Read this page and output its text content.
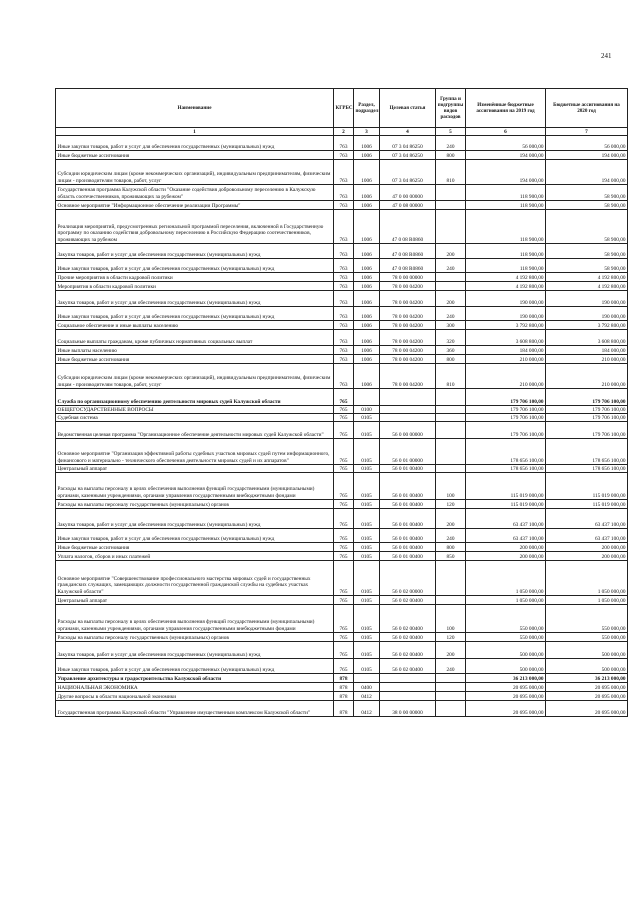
241
Наименование	КГРБС	Раздел, подраздел	Целевая статья	Группа и подгруппы видов расходов	Изменённые бюджетные ассигнования на 2019 год	Бюджетные ассигнования на 2020 год
1	2	3	4	5	6	7
Иные закупки товаров, работ и услуг для обеспечения государственных (муниципальных) нужд	763	1006	07 3 04 86250	240	56 000,00	56 000,00
Иные бюджетные ассигнования	763	1006	07 3 04 86250	800	194 000,00	194 000,00
Субсидии юридическим лицам (кроме некоммерческих организаций), индивидуальным предпринимателям, физическим лицам - производителям товаров, работ, услуг	763	1006	07 3 04 86250	810	194 000,00	194 000,00
Государственная программа Калужской области "Оказание содействия добровольному переселению в Калужскую область соотечественников, проживающих за рубежом"	763	1006	47 0 00 00000		118 900,00	58 900,00
Основное мероприятие "Информационное обеспечение реализации Программы"	763	1006	47 0 08 00000		118 900,00	58 900,00
Реализация мероприятий, предусмотренных региональной программой переселения, включенной в Государственную программу по оказанию содействия добровольному переселению в Российскую Федерацию соотечественников, проживающих за рубежом	763	1006	47 0 08 R0860		118 900,00	58 900,00
Закупка товаров, работ и услуг для обеспечения государственных (муниципальных) нужд	763	1006	47 0 08 R0860	200	118 900,00	58 900,00
Иные закупки товаров, работ и услуг для обеспечения государственных (муниципальных) нужд	763	1006	47 0 08 R0860	240	118 900,00	58 900,00
Прочие мероприятия в области кадровой политики	763	1006	78 0 00 00000		4 192 800,00	4 192 800,00
Мероприятия в области кадровой политики	763	1006	78 0 00 04200		4 192 800,00	4 192 800,00
Закупка товаров, работ и услуг для обеспечения государственных (муниципальных) нужд	763	1006	78 0 00 04200	200	190 000,00	190 000,00
Иные закупки товаров, работ и услуг для обеспечения государственных (муниципальных) нужд	763	1006	78 0 00 04200	240	190 000,00	190 000,00
Социальное обеспечение и иные выплаты населению	763	1006	78 0 00 04200	300	3 792 800,00	3 792 800,00
Социальные выплаты гражданам, кроме публичных нормативных социальных выплат	763	1006	78 0 00 04200	320	3 608 800,00	3 608 800,00
Иные выплаты населению	763	1006	78 0 00 04200	360	184 000,00	184 000,00
Иные бюджетные ассигнования	763	1006	78 0 00 04200	800	210 000,00	210 000,00
Субсидии юридическим лицам (кроме некоммерческих организаций), индивидуальным предпринимателям, физическим лицам - производителям товаров, работ, услуг	763	1006	78 0 00 04200	810	210 000,00	210 000,00
Служба по организационному обеспечению деятельности мировых судей Калужской области	765				179 706 100,00	179 706 100,00
ОБЩЕГОСУДАРСТВЕННЫЕ ВОПРОСЫ	765	0100			179 706 100,00	179 706 100,00
Судебная система	765	0105			179 706 100,00	179 706 100,00
Ведомственная целевая программа "Организационное обеспечение деятельности мировых судей Калужской области"	765	0105	56 0 00 00000		179 706 100,00	179 706 100,00
Основное мероприятие "Организация эффективной работы судебных участков мировых судей путем информационного, финансового и материально - технического обеспечения деятельности мировых судей и их аппаратов"	765	0105	56 0 01 00000		178 656 100,00	178 656 100,00
Центральный аппарат	765	0105	56 0 01 00400		178 656 100,00	178 656 100,00
Расходы на выплаты персоналу в целях обеспечения выполнения функций государственными (муниципальными) органами, казенными учреждениями, органами управления государственными внебюджетными фондами	765	0105	56 0 01 00400	100	115 019 000,00	115 019 000,00
Расходы на выплаты персоналу государственных (муниципальных) органов	765	0105	56 0 01 00400	120	115 019 000,00	115 019 000,00
Закупка товаров, работ и услуг для обеспечения государственных (муниципальных) нужд	765	0105	56 0 01 00400	200	63 437 100,00	63 437 100,00
Иные закупки товаров, работ и услуг для обеспечения государственных (муниципальных) нужд	765	0105	56 0 01 00400	240	63 437 100,00	63 437 100,00
Иные бюджетные ассигнования	765	0105	56 0 01 00400	800	200 000,00	200 000,00
Уплата налогов, сборов и иных платежей	765	0105	56 0 01 00400	850	200 000,00	200 000,00
Основное мероприятие "Совершенствование профессионального мастерства мировых судей и государственных гражданских служащих, замещающих должности государственной гражданской службы на судебных участках Калужской области"	765	0105	56 0 02 00000		1 050 000,00	1 050 000,00
Центральный аппарат	765	0105	56 0 02 00400		1 050 000,00	1 050 000,00
Расходы на выплаты персоналу в целях обеспечения выполнения функций государственными (муниципальными) органами, казенными учреждениями, органами управления государственными внебюджетными фондами	765	0105	56 0 02 00400	100	550 000,00	550 000,00
Расходы на выплаты персоналу государственных (муниципальных) органов	765	0105	56 0 02 00400	120	550 000,00	550 000,00
Закупка товаров, работ и услуг для обеспечения государственных (муниципальных) нужд	765	0105	56 0 02 00400	200	500 000,00	500 000,00
Иные закупки товаров, работ и услуг для обеспечения государственных (муниципальных) нужд	765	0105	56 0 02 00400	240	500 000,00	500 000,00
Управление архитектуры и градостроительства Калужской области	878				36 213 000,00	36 213 000,00
НАЦИОНАЛЬНАЯ ЭКОНОМИКА	878	0400			20 695 000,00	20 695 000,00
Другие вопросы в области национальной экономики	878	0412			20 695 000,00	20 695 000,00
Государственная программа Калужской области "Управление имущественным комплексом Калужской области"	878	0412	38 0 00 00000		20 695 000,00	20 695 000,00
